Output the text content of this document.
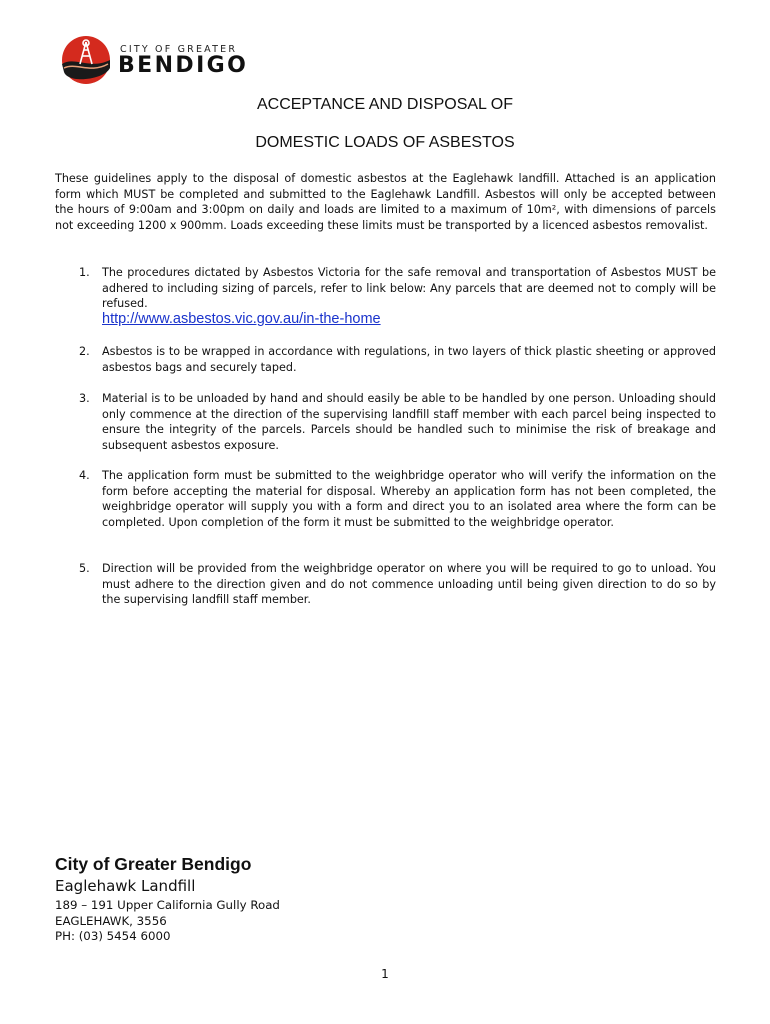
CITY OF GREATER
BENDIGO
ACCEPTANCE AND DISPOSAL OF
DOMESTIC LOADS OF ASBESTOS
These guidelines apply to the disposal of domestic asbestos at the Eaglehawk landfill. Attached is an application form which MUST be completed and submitted to the Eaglehawk Landfill. Asbestos will only be accepted between the hours of 9:00am and 3:00pm on daily and loads are limited to a maximum of 10m², with dimensions of parcels not exceeding 1200 x 900mm. Loads exceeding these limits must be transported by a licenced asbestos removalist.
1. The procedures dictated by Asbestos Victoria for the safe removal and transportation of Asbestos MUST be adhered to including sizing of parcels, refer to link below: Any parcels that are deemed not to comply will be refused.
2. Asbestos is to be wrapped in accordance with regulations, in two layers of thick plastic sheeting or approved asbestos bags and securely taped.
3. Material is to be unloaded by hand and should easily be able to be handled by one person. Unloading should only commence at the direction of the supervising landfill staff member with each parcel being inspected to ensure the integrity of the parcels. Parcels should be handled such to minimise the risk of breakage and subsequent asbestos exposure.
4. The application form must be submitted to the weighbridge operator who will verify the information on the form before accepting the material for disposal. Whereby an application form has not been completed, the weighbridge operator will supply you with a form and direct you to an isolated area where the form can be completed. Upon completion of the form it must be submitted to the weighbridge operator.
5. Direction will be provided from the weighbridge operator on where you will be required to go to unload. You must adhere to the direction given and do not commence unloading until being given direction to do so by the supervising landfill staff member.
http://www.asbestos.vic.gov.au/in-the-home
City of Greater Bendigo
Eaglehawk Landfill
189 – 191 Upper California Gully Road
EAGLEHAWK, 3556
PH: (03) 5454 6000
1
